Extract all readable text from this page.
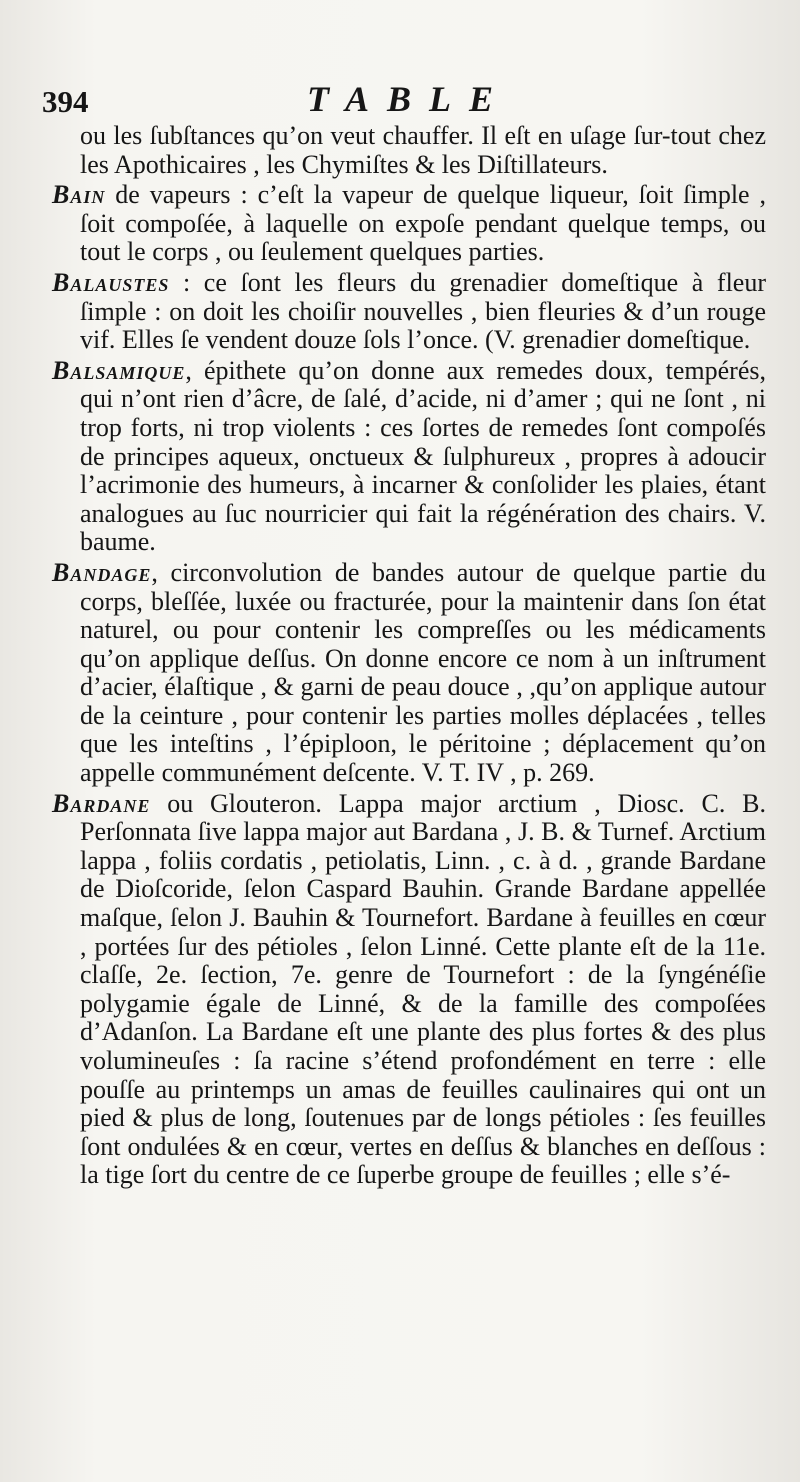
394	TABLE

ou les ſubſtances qu’on veut chauffer. Il eſt en uſage ſur-tout chez les Apothicaires , les Chymiſtes & les Diſtillateurs.

Bain de vapeurs : c’eſt la vapeur de quelque liqueur, ſoit ſimple , ſoit compoſée, à laquelle on expoſe pendant quelque temps, ou tout le corps , ou ſeulement quelques parties.

Balaustes : ce ſont les fleurs du grenadier domeſtique à fleur ſimple : on doit les choiſir nouvelles , bien fleuries & d’un rouge vif. Elles ſe vendent douze ſols l’once. (V. grenadier domeſtique.

Balsamique, épithete qu’on donne aux remedes doux, tempérés, qui n’ont rien d’âcre, de ſalé, d’acide, ni d’amer ; qui ne ſont , ni trop forts, ni trop violents : ces ſortes de remedes ſont compoſés de principes aqueux, onctueux & ſulphureux , propres à adoucir l’acrimonie des humeurs, à incarner & conſolider les plaies, étant analogues au ſuc nourricier qui fait la régénération des chairs. V. baume.

Bandage, circonvolution de bandes autour de quelque partie du corps, bleſſée, luxée ou fracturée, pour la maintenir dans ſon état naturel, ou pour contenir les compreſſes ou les médicaments qu’on applique deſſus. On donne encore ce nom à un inſtrument d’acier, élaſtique , & garni de peau douce , ,qu’on applique autour de la ceinture , pour contenir les parties molles déplacées , telles que les inteſtins , l’épiploon, le péritoine ; déplacement qu’on appelle communément deſcente. V. T. IV , p. 269.

Bardane ou Glouteron. Lappa major arctium , Diosc. C. B. Perſonnata ſive lappa major aut Bardana , J. B. & Turnef. Arctium lappa , foliis cordatis , petiolatis, Linn. , c. à d. , grande Bardane de Dioſcoride, ſelon Caspard Bauhin. Grande Bardane appellée maſque, ſelon J. Bauhin & Tournefort. Bardane à feuilles en cœur , portées ſur des pétioles , ſelon Linné. Cette plante eſt de la 11e. claſſe, 2e. ſection, 7e. genre de Tournefort : de la ſyngénéſie polygamie égale de Linné, & de la famille des compoſées d’Adanſon. La Bardane eſt une plante des plus fortes & des plus volumineuſes : ſa racine s’étend profondément en terre : elle pouſſe au printemps un amas de feuilles caulinaires qui ont un pied & plus de long, ſoutenues par de longs pétioles : ſes feuilles ſont ondulées & en cœur, vertes en deſſus & blanches en deſſous : la tige ſort du centre de ce ſuperbe groupe de feuilles ; elle s’é-
